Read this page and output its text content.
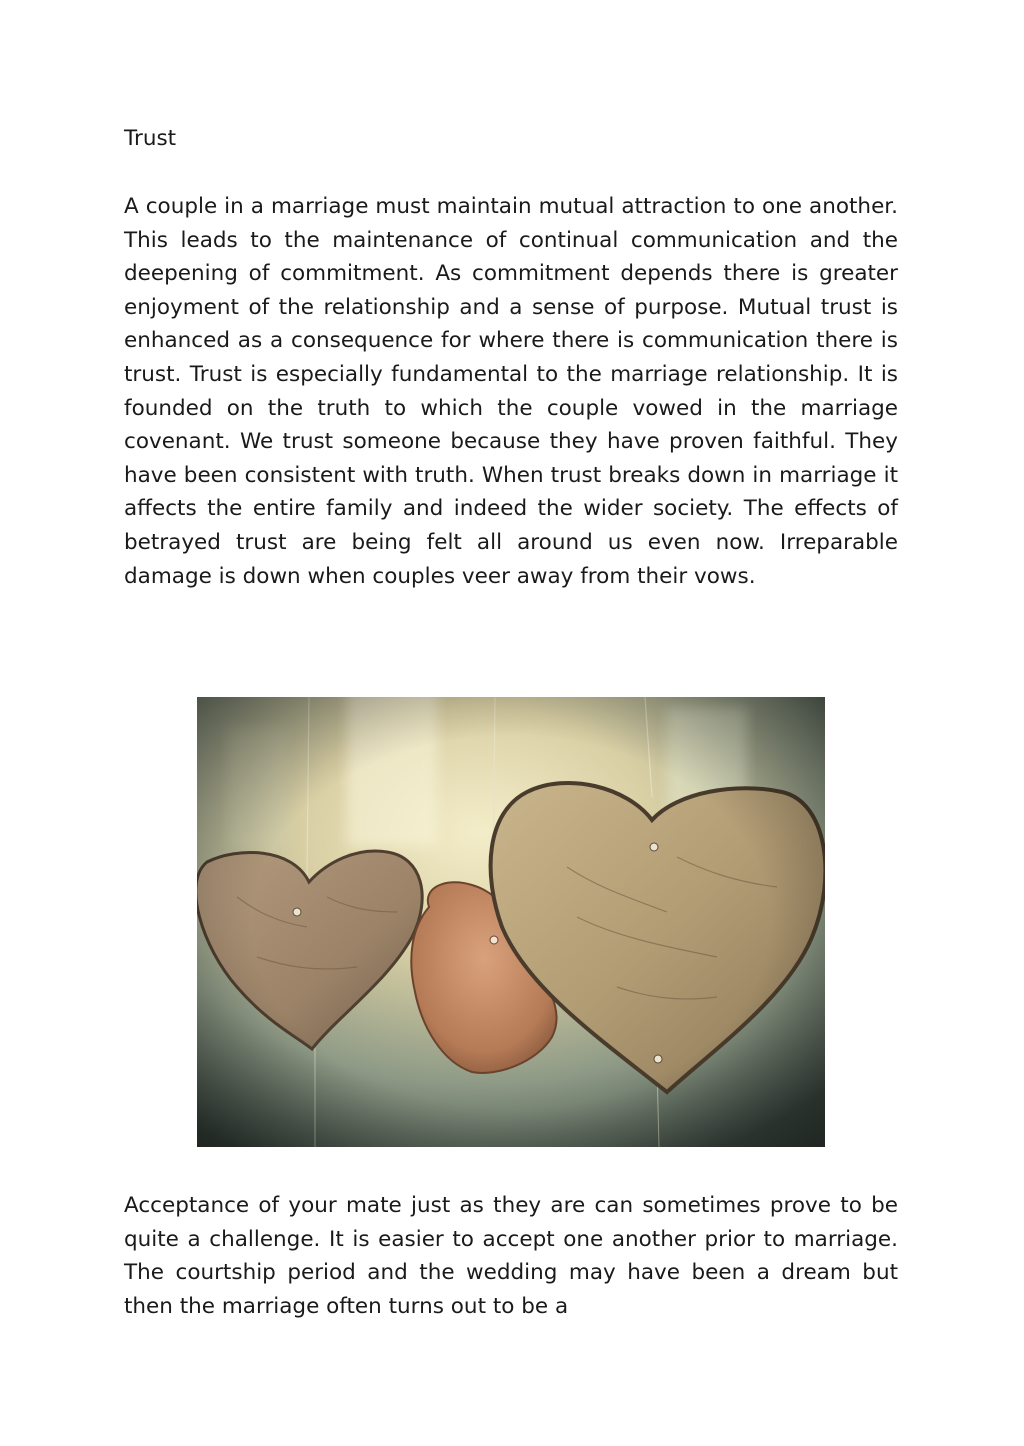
Trust

A couple in a marriage must maintain mutual attraction to one another. This leads to the maintenance of continual communication and the deepening of commitment. As commitment depends there is greater enjoyment of the relationship and a sense of purpose. Mutual trust is enhanced as a consequence for where there is communication there is trust. Trust is especially fundamental to the marriage relationship. It is founded on the truth to which the couple vowed in the marriage covenant. We trust someone because they have proven faithful. They have been consistent with truth. When trust breaks down in marriage it affects the entire family and indeed the wider society. The effects of betrayed trust are being felt all around us even now. Irreparable damage is down when couples veer away from their vows.

Acceptance of your mate just as they are can sometimes prove to be quite a challenge. It is easier to accept one another prior to marriage. The courtship period and the wedding may have been a dream but then the marriage often turns out to be a
